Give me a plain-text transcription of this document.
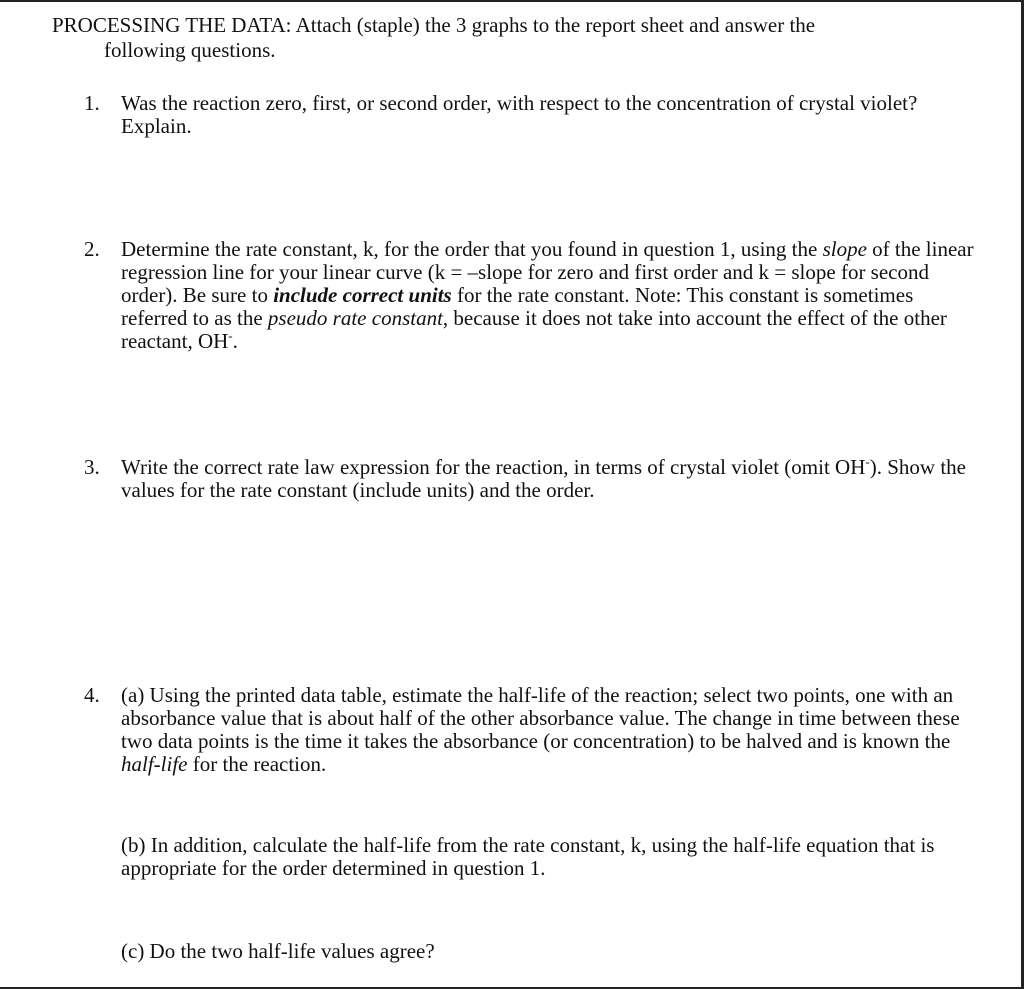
PROCESSING THE DATA: Attach (staple) the 3 graphs to the report sheet and answer the
following questions.
1.	Was the reaction zero, first, or second order, with respect to the concentration of crystal violet? Explain.
2.	Determine the rate constant, k, for the order that you found in question 1, using the slope of the linear regression line for your linear curve (k = –slope for zero and first order and k = slope for second order). Be sure to include correct units for the rate constant. Note: This constant is sometimes referred to as the pseudo rate constant, because it does not take into account the effect of the other reactant, OH-.
3.	Write the correct rate law expression for the reaction, in terms of crystal violet (omit OH-). Show the values for the rate constant (include units) and the order.
4.	(a) Using the printed data table, estimate the half-life of the reaction; select two points, one with an absorbance value that is about half of the other absorbance value. The change in time between these two data points is the time it takes the absorbance (or concentration) to be halved and is known the half-life for the reaction.
(b) In addition, calculate the half-life from the rate constant, k, using the half-life equation that is appropriate for the order determined in question 1.
(c) Do the two half-life values agree?
